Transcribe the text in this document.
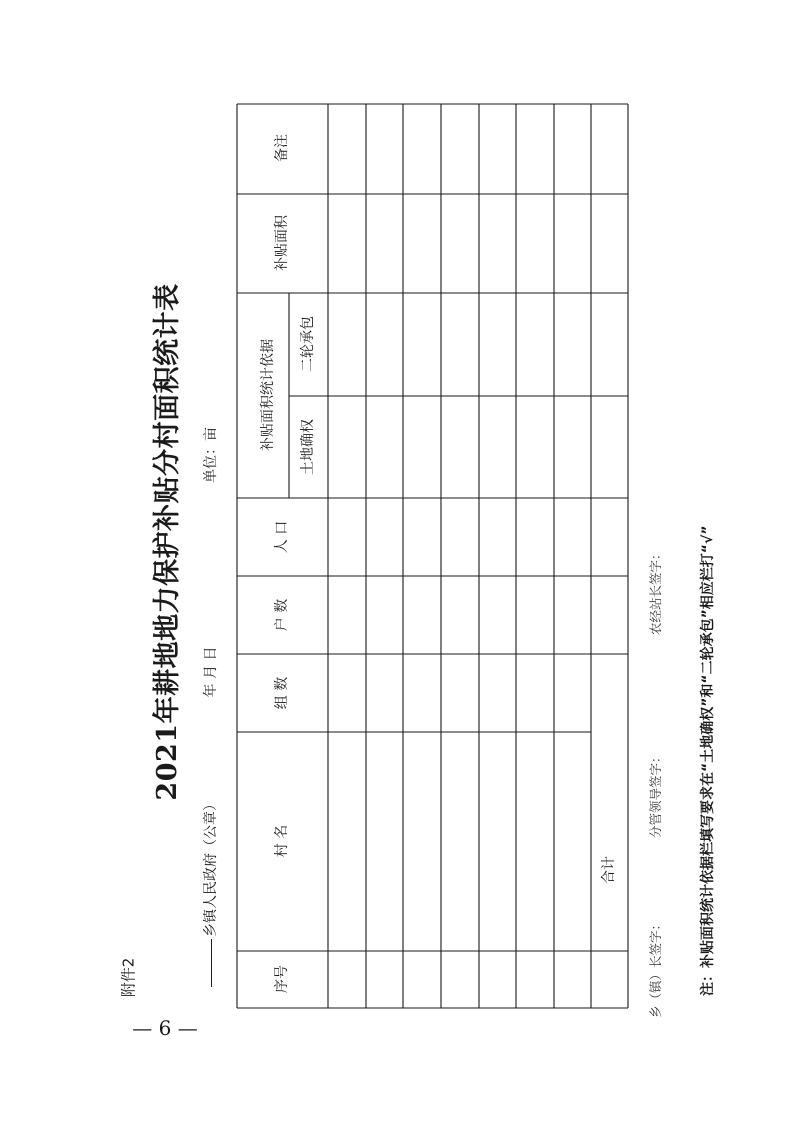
— 6 —
附件2
2021年耕地地力保护补贴分村面积统计表
乡镇人民政府（公章）
年 月 日
单位：亩
备注
补贴面积
补贴面积统计依据 二轮承包
土地确权
人 口
户 数
组 数
村 名
序号
合计
乡（镇）长签字：
分管领导签字：
农经站长签字：	注：补贴面积统计依据栏填写要求在“土地确权”和“二轮承包”相应栏打“√”
